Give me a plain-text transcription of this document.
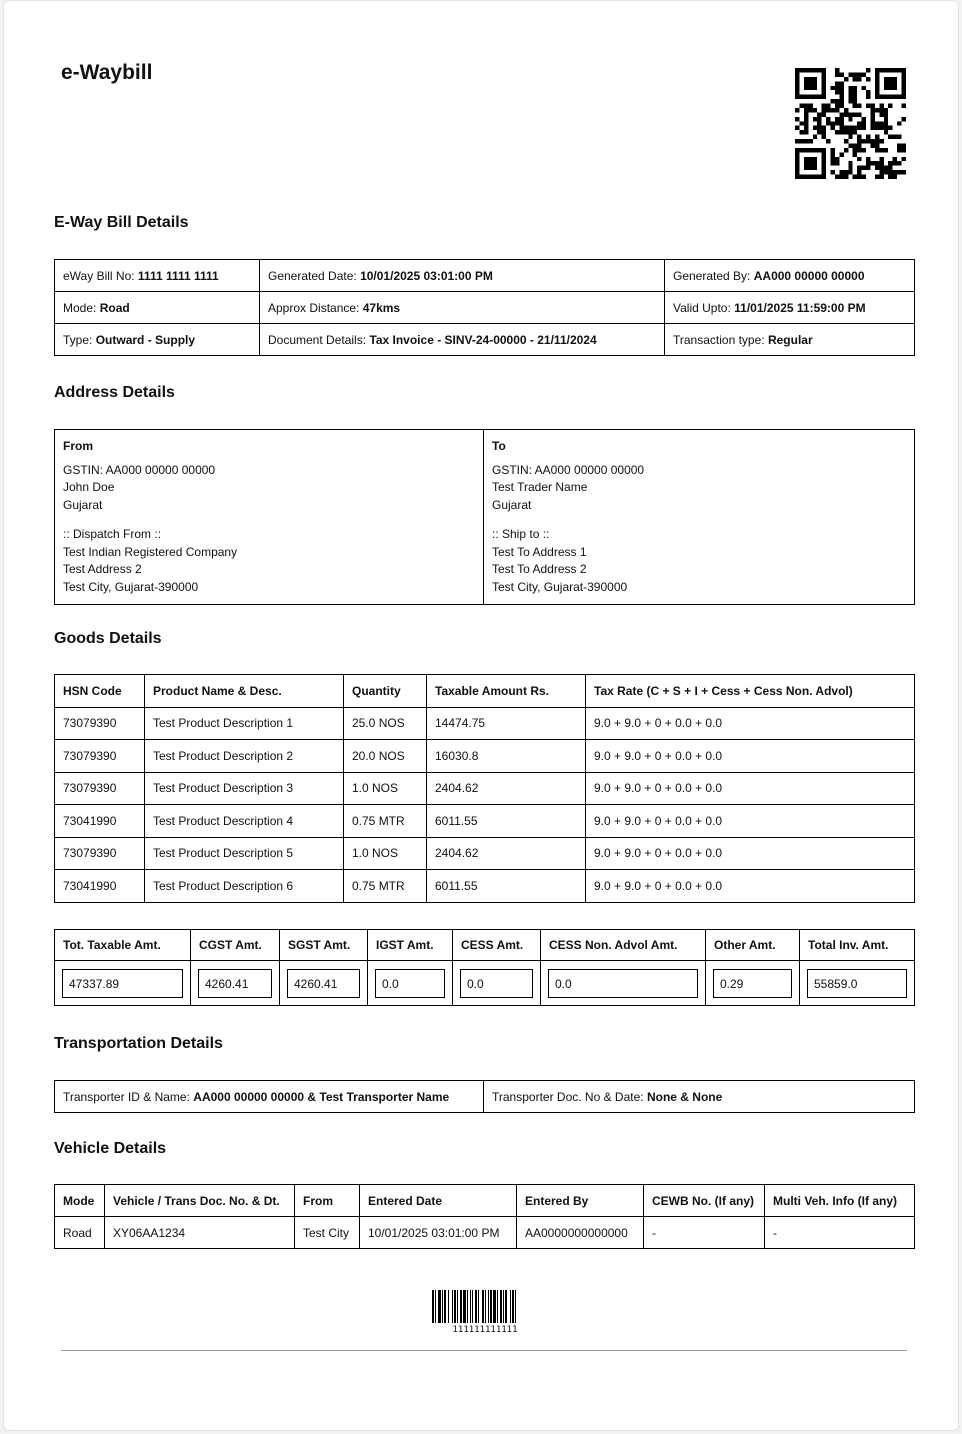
e-Waybill
E-Way Bill Details
eWay Bill No: 1111 1111 1111	Generated Date: 10/01/2025 03:01:00 PM	Generated By: AA000 00000 00000
Mode: Road	Approx Distance: 47kms	Valid Upto: 11/01/2025 11:59:00 PM
Type: Outward - Supply	Document Details: Tax Invoice - SINV-24-00000 - 21/11/2024	Transaction type: Regular
Address Details
From
GSTIN: AA000 00000 00000
John Doe
Gujarat
:: Dispatch From ::
Test Indian Registered Company
Test Address 2
Test City, Gujarat-390000

To
GSTIN: AA000 00000 00000
Test Trader Name
Gujarat
:: Ship to ::
Test To Address 1
Test To Address 2
Test City, Gujarat-390000
Goods Details
HSN Code	Product Name & Desc.	Quantity	Taxable Amount Rs.	Tax Rate (C + S + I + Cess + Cess Non. Advol)
73079390	Test Product Description 1	25.0 NOS	14474.75	9.0 + 9.0 + 0 + 0.0 + 0.0
73079390	Test Product Description 2	20.0 NOS	16030.8	9.0 + 9.0 + 0 + 0.0 + 0.0
73079390	Test Product Description 3	1.0 NOS	2404.62	9.0 + 9.0 + 0 + 0.0 + 0.0
73041990	Test Product Description 4	0.75 MTR	6011.55	9.0 + 9.0 + 0 + 0.0 + 0.0
73079390	Test Product Description 5	1.0 NOS	2404.62	9.0 + 9.0 + 0 + 0.0 + 0.0
73041990	Test Product Description 6	0.75 MTR	6011.55	9.0 + 9.0 + 0 + 0.0 + 0.0
Tot. Taxable Amt.	CGST Amt.	SGST Amt.	IGST Amt.	CESS Amt.	CESS Non. Advol Amt.	Other Amt.	Total Inv. Amt.

47337.89	4260.41	4260.41	0.0	0.0	0.0	0.29	55859.0
Transportation Details
Transporter ID & Name: AA000 00000 00000 & Test Transporter Name	Transporter Doc. No & Date: None & None
Vehicle Details
Mode	Vehicle / Trans Doc. No. & Dt.	From	Entered Date	Entered By	CEWB No. (If any)	Multi Veh. Info (If any)
Road	XY06AA1234	Test City	10/01/2025 03:01:00 PM	AA0000000000000	-	-
111111111111
